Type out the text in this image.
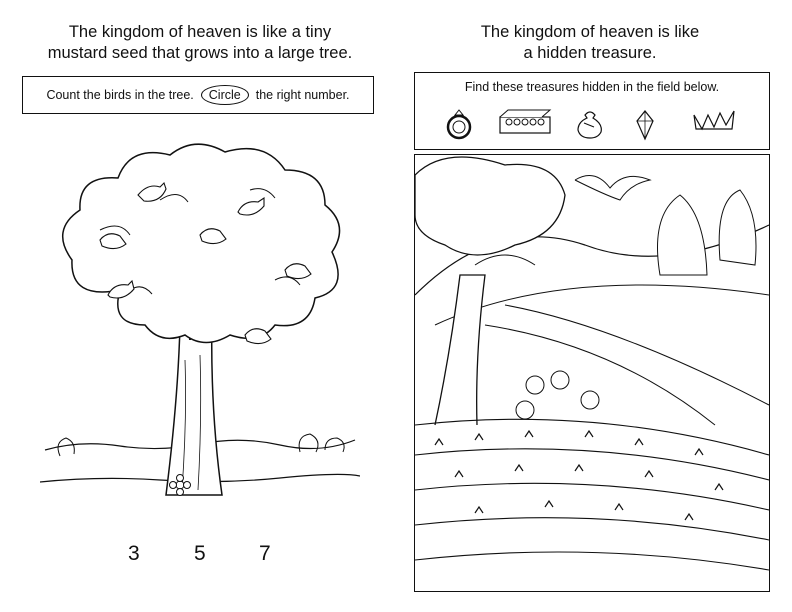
The kingdom of heaven is like a tiny
mustard seed that grows into a large tree.
Count the birds in the tree.	Circle	the right number.
3	5	7
The kingdom of heaven is like
a hidden treasure.
Find these treasures hidden in the field below.
